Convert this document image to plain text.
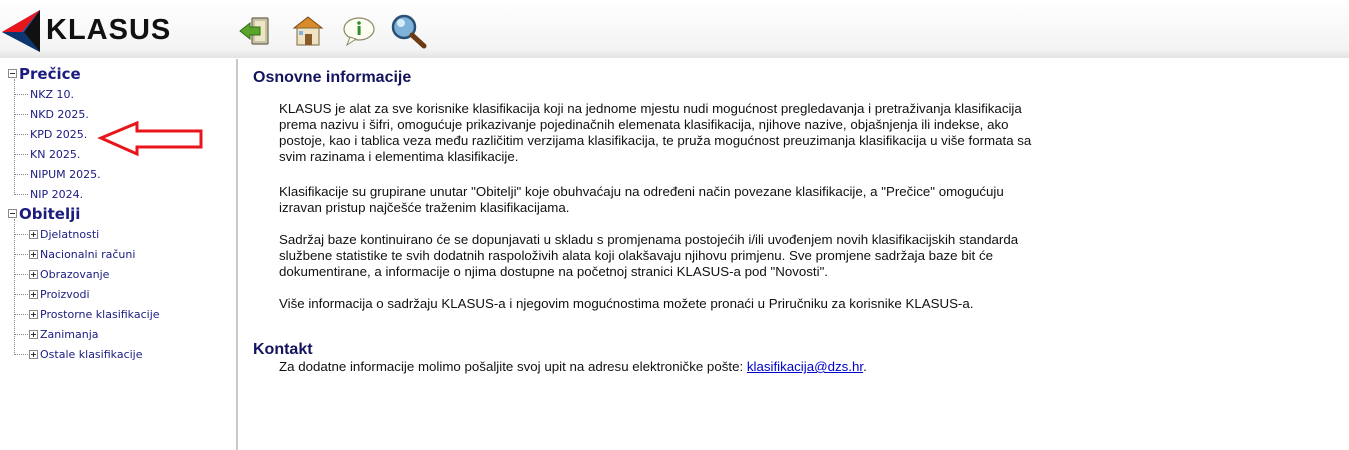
KLASUS
Prečice
NKZ 10.
NKD 2025.
KPD 2025.
KN 2025.
NIPUM 2025.
NIP 2024.
Obitelji
Djelatnosti
Nacionalni računi
Obrazovanje
Proizvodi
Prostorne klasifikacije
Zanimanja
Ostale klasifikacije
Osnovne informacije
KLASUS je alat za sve korisnike klasifikacija koji na jednome mjestu nudi mogućnost pregledavanja i pretraživanja klasifikacija prema nazivu i šifri, omogućuje prikazivanje pojedinačnih elemenata klasifikacija, njihove nazive, objašnjenja ili indekse, ako postoje, kao i tablica veza među različitim verzijama klasifikacija, te pruža mogućnost preuzimanja klasifikacija u više formata sa svim razinama i elementima klasifikacije.
Klasifikacije su grupirane unutar "Obitelji" koje obuhvaćaju na određeni način povezane klasifikacije, a "Prečice" omogućuju izravan pristup najčešće traženim klasifikacijama.
Sadržaj baze kontinuirano će se dopunjavati u skladu s promjenama postojećih i/ili uvođenjem novih klasifikacijskih standarda službene statistike te svih dodatnih raspoloživih alata koji olakšavaju njihovu primjenu. Sve promjene sadržaja baze bit će dokumentirane, a informacije o njima dostupne na početnoj stranici KLASUS-a pod "Novosti".
Više informacija o sadržaju KLASUS-a i njegovim mogućnostima možete pronaći u Priručniku za korisnike KLASUS-a.
Kontakt
Za dodatne informacije molimo pošaljite svoj upit na adresu elektroničke pošte: klasifikacija@dzs.hr.
